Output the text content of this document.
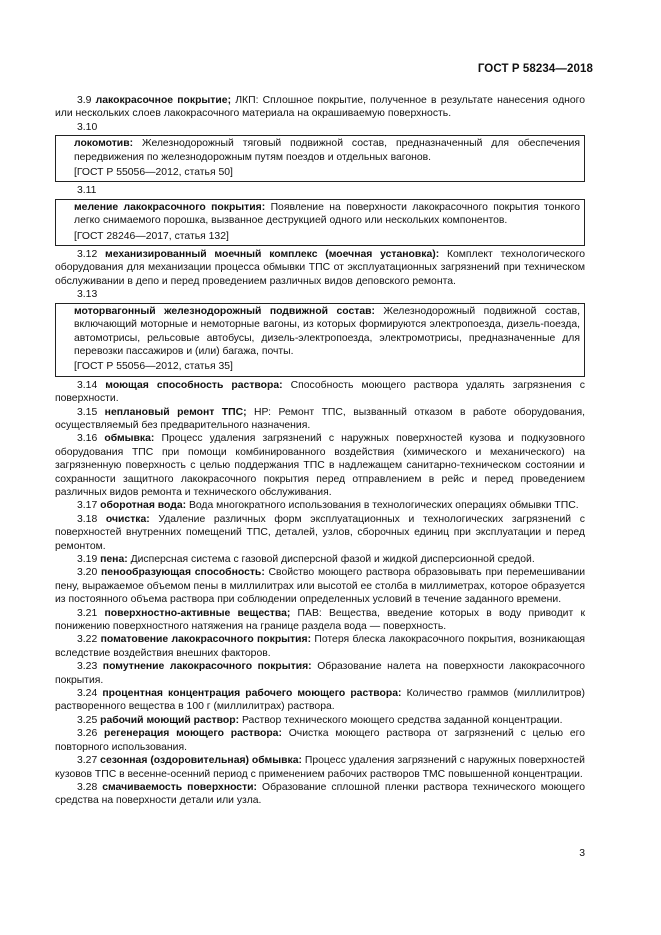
ГОСТ Р 58234—2018

3.9 лакокрасочное покрытие; ЛКП: Сплошное покрытие, полученное в результате нанесения одного или нескольких слоев лакокрасочного материала на окрашиваемую поверхность.

3.10

локомотив: Железнодорожный тяговый подвижной состав, предназначенный для обеспечения передвижения по железнодорожным путям поездов и отдельных вагонов.

[ГОСТ Р 55056—2012, статья 50]

3.11

меление лакокрасочного покрытия: Появление на поверхности лакокрасочного покрытия тонкого легко снимаемого порошка, вызванное деструкцией одного или нескольких компонентов.

[ГОСТ 28246—2017, статья 132]

3.12 механизированный моечный комплекс (моечная установка): Комплект технологического оборудования для механизации процесса обмывки ТПС от эксплуатационных загрязнений при техническом обслуживании в депо и перед проведением различных видов деповского ремонта.

3.13

моторвагонный железнодорожный подвижной состав: Железнодорожный подвижной состав, включающий моторные и немоторные вагоны, из которых формируются электропоезда, дизель-поезда, автомотрисы, рельсовые автобусы, дизель-электропоезда, электромотрисы, предназначенные для перевозки пассажиров и (или) багажа, почты.

[ГОСТ Р 55056—2012, статья 35]

3.14 моющая способность раствора: Способность моющего раствора удалять загрязнения с поверхности.

3.15 неплановый ремонт ТПС; НР: Ремонт ТПС, вызванный отказом в работе оборудования, осуществляемый без предварительного назначения.

3.16 обмывка: Процесс удаления загрязнений с наружных поверхностей кузова и подкузовного оборудования ТПС при помощи комбинированного воздействия (химического и механического) на загрязненную поверхность с целью поддержания ТПС в надлежащем санитарно-техническом состоянии и сохранности защитного лакокрасочного покрытия перед отправлением в рейс и перед проведением различных видов ремонта и технического обслуживания.

3.17 оборотная вода: Вода многократного использования в технологических операциях обмывки ТПС.

3.18 очистка: Удаление различных форм эксплуатационных и технологических загрязнений с поверхностей внутренних помещений ТПС, деталей, узлов, сборочных единиц при эксплуатации и перед ремонтом.

3.19 пена: Дисперсная система с газовой дисперсной фазой и жидкой дисперсионной средой.

3.20 пенообразующая способность: Свойство моющего раствора образовывать при перемешивании пену, выражаемое объемом пены в миллилитрах или высотой ее столба в миллиметрах, которое образуется из постоянного объема раствора при соблюдении определенных условий в течение заданного времени.

3.21 поверхностно-активные вещества; ПАВ: Вещества, введение которых в воду приводит к понижению поверхностного натяжения на границе раздела вода — поверхность.

3.22 поматовение лакокрасочного покрытия: Потеря блеска лакокрасочного покрытия, возникающая вследствие воздействия внешних факторов.

3.23 помутнение лакокрасочного покрытия: Образование налета на поверхности лакокрасочного покрытия.

3.24 процентная концентрация рабочего моющего раствора: Количество граммов (миллилитров) растворенного вещества в 100 г (миллилитрах) раствора.

3.25 рабочий моющий раствор: Раствор технического моющего средства заданной концентрации.

3.26 регенерация моющего раствора: Очистка моющего раствора от загрязнений с целью его повторного использования.

3.27 сезонная (оздоровительная) обмывка: Процесс удаления загрязнений с наружных поверхностей кузовов ТПС в весенне-осенний период с применением рабочих растворов ТМС повышенной концентрации.

3.28 смачиваемость поверхности: Образование сплошной пленки раствора технического моющего средства на поверхности детали или узла.

3
